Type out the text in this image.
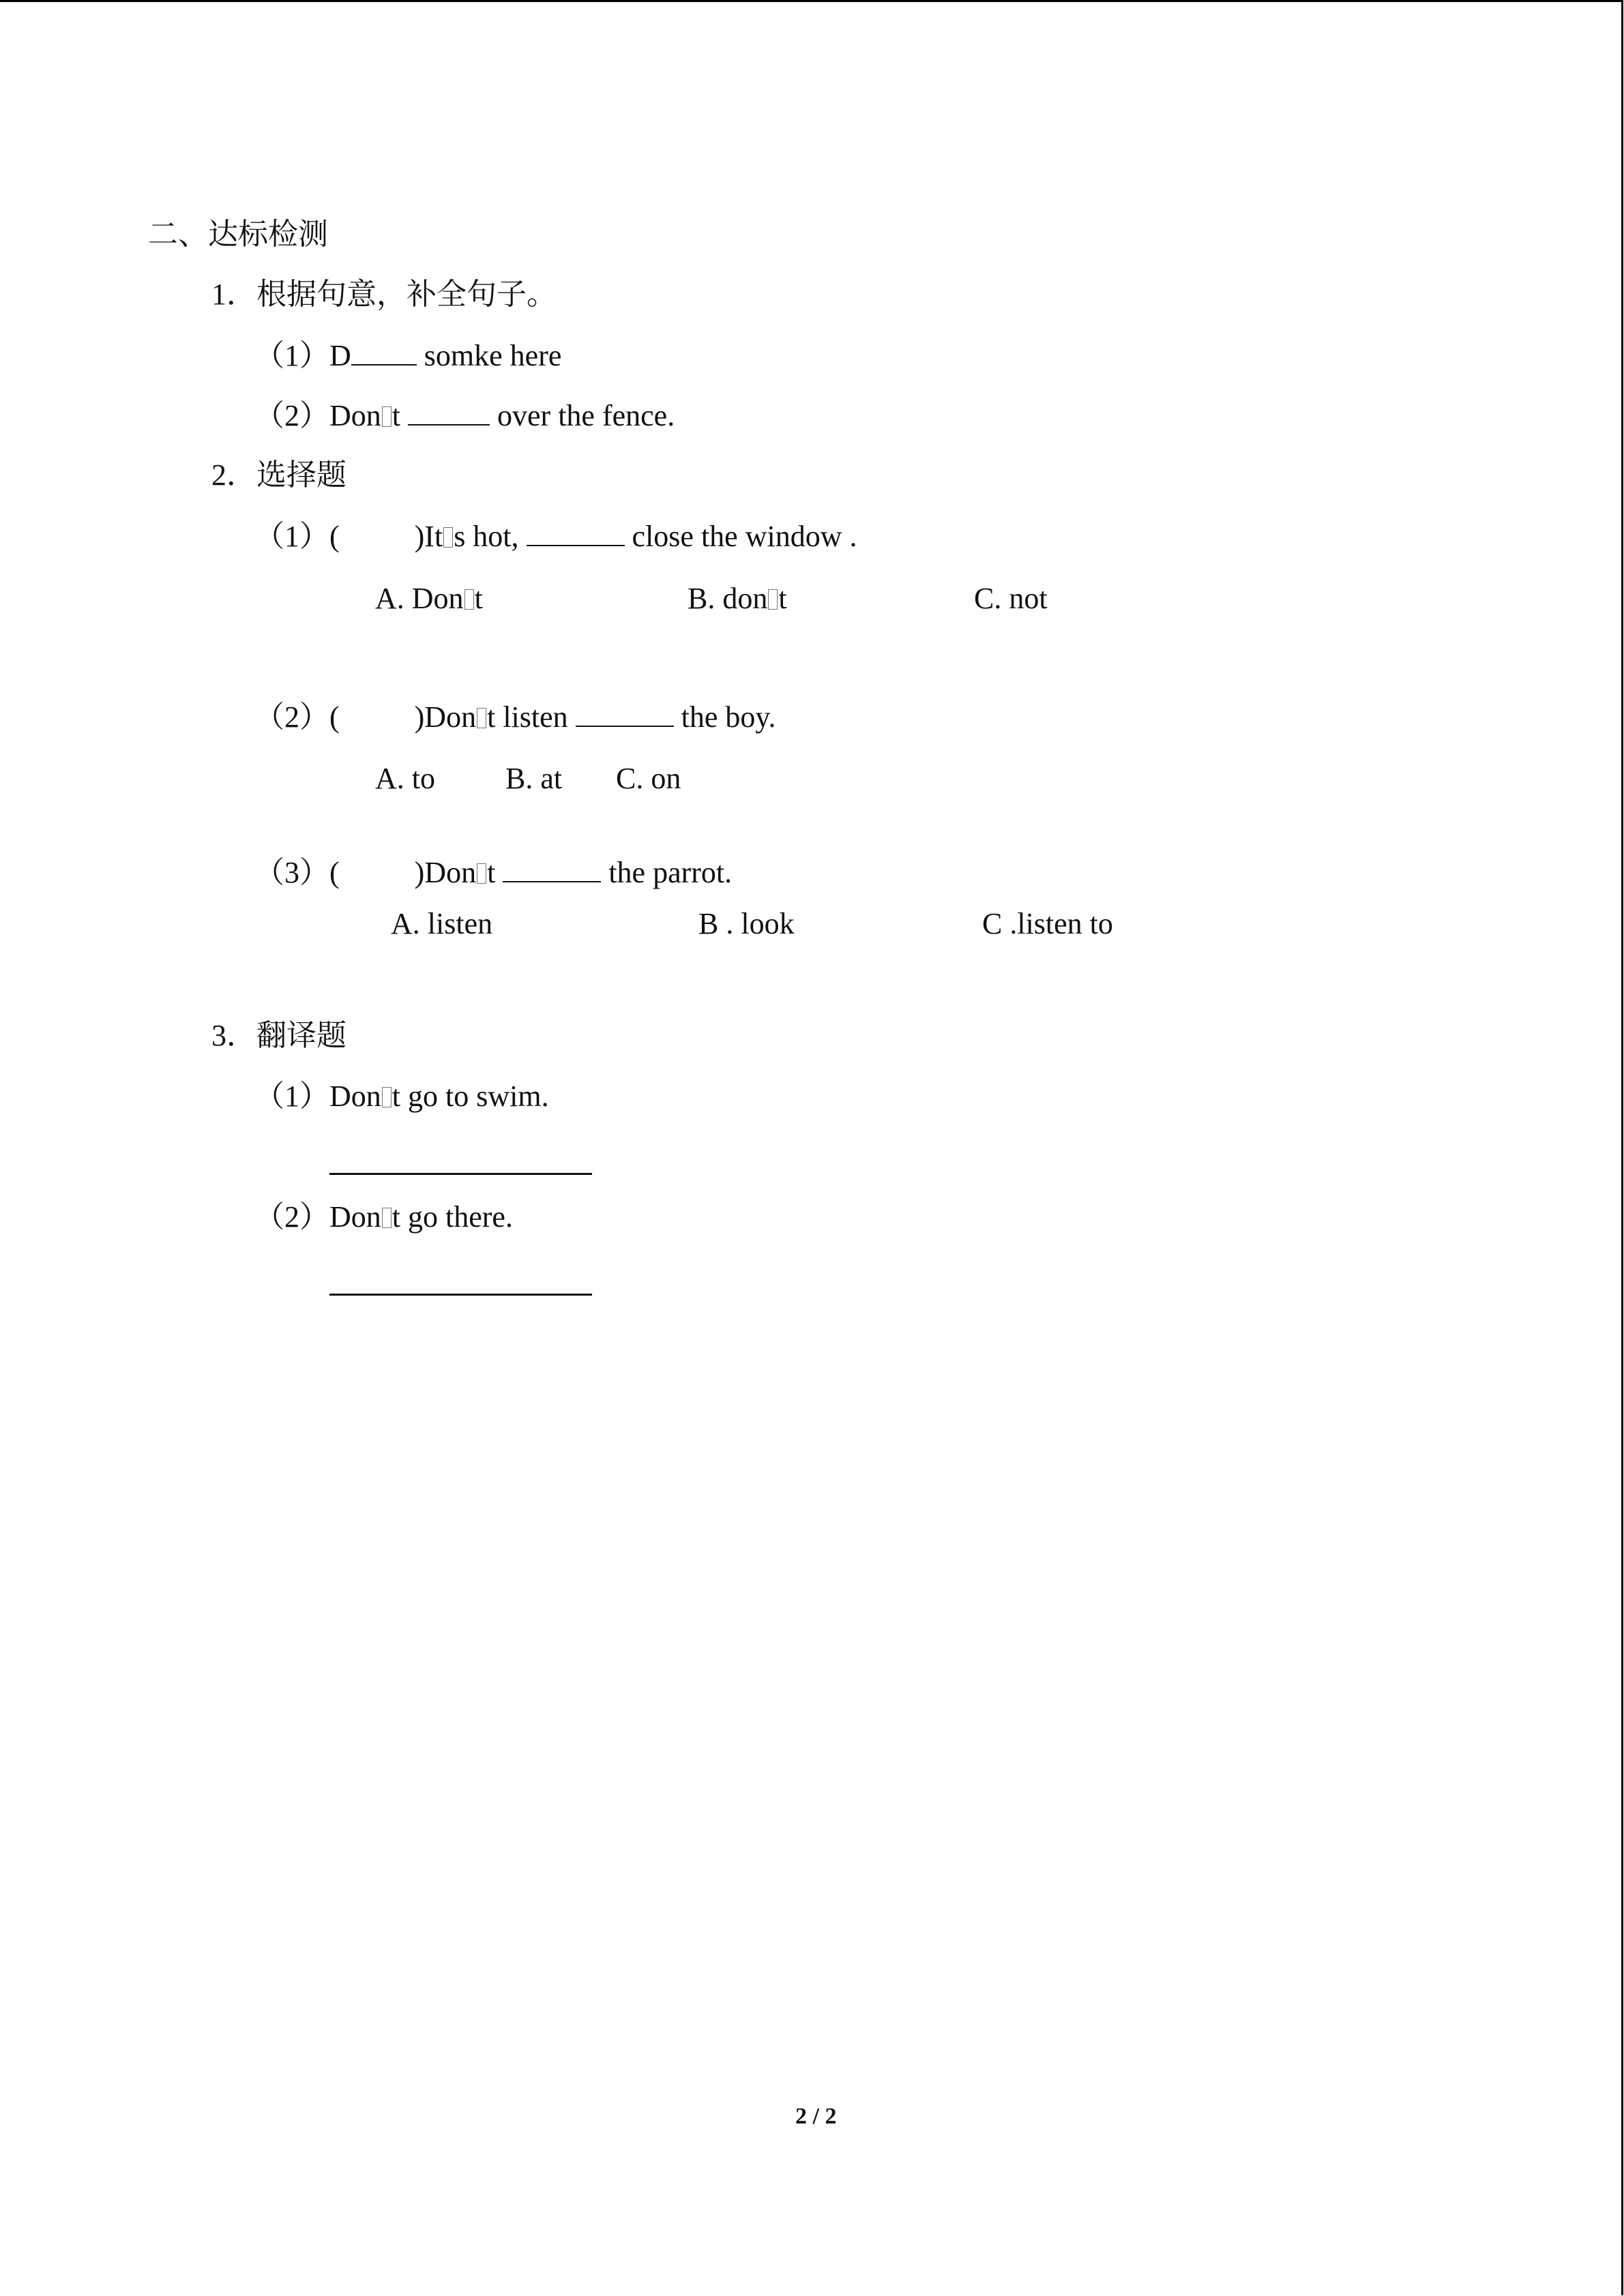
二、达标检测
1．根据句意，补全句子。
（1）D somke here
（2）Don t	over the fence.
2．选择题
（1）(	)It s hot,	close the window .
A. Don t	B. don t	C. not
（2）(	)Don t listen	the boy.
A. to B. at C. on
（3）(	)Don t	the parrot.
A. listen	B . look	C .listen to
3．翻译题
（1）Don t go to swim.
（2）Don t go there.
2 / 2
